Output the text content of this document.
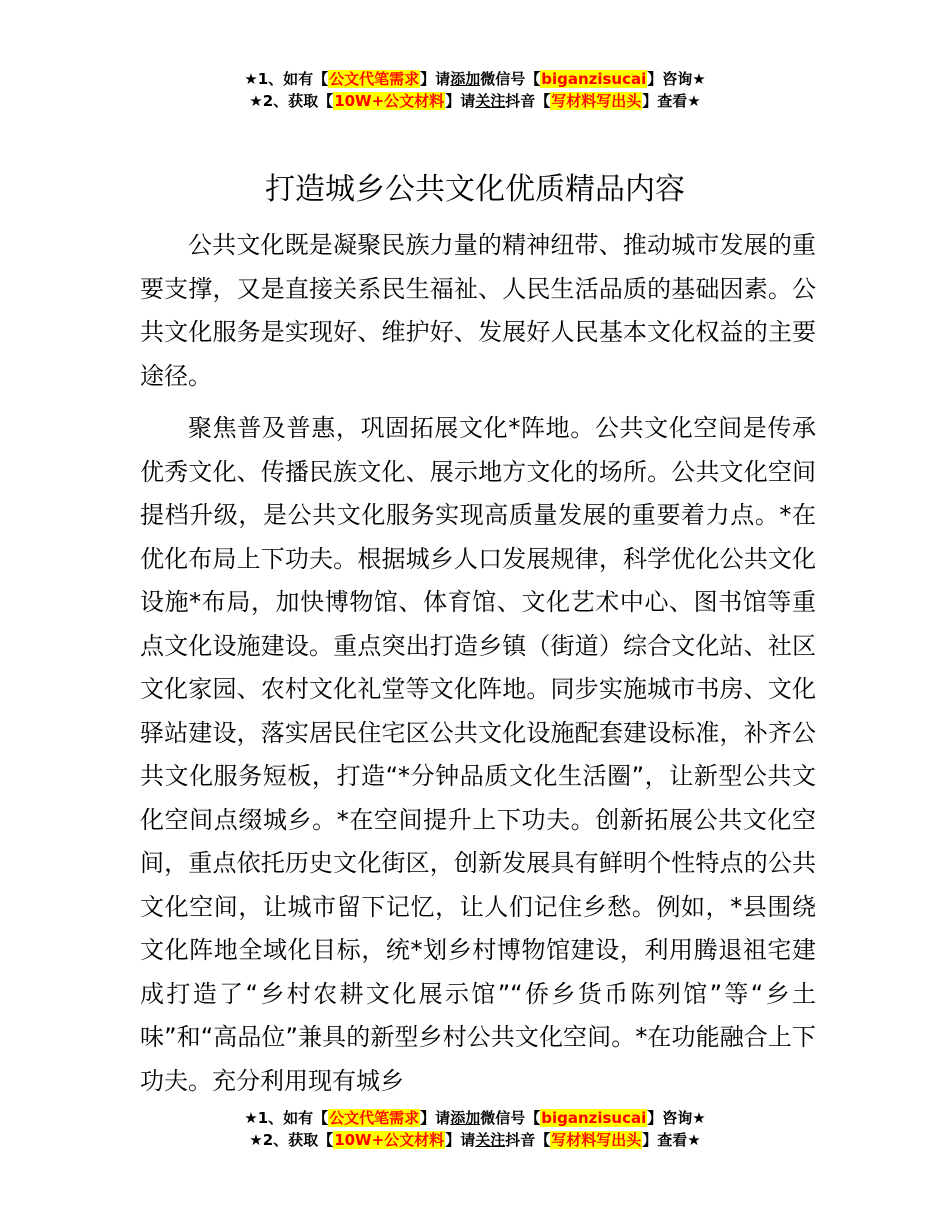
★1、如有【公文代笔需求】请添加微信号【biganzisucai】咨询★
★2、获取【10W+公文材料】请关注抖音【写材料写出头】查看★
打造城乡公共文化优质精品内容

公共文化既是凝聚民族力量的精神纽带、推动城市发展的重要支撑，又是直接关系民生福祉、人民生活品质的基础因素。公共文化服务是实现好、维护好、发展好人民基本文化权益的主要途径。

聚焦普及普惠，巩固拓展文化*阵地。公共文化空间是传承优秀文化、传播民族文化、展示地方文化的场所。公共文化空间提档升级，是公共文化服务实现高质量发展的重要着力点。*在优化布局上下功夫。根据城乡人口发展规律，科学优化公共文化设施*布局，加快博物馆、体育馆、文化艺术中心、图书馆等重点文化设施建设。重点突出打造乡镇（街道）综合文化站、社区文化家园、农村文化礼堂等文化阵地。同步实施城市书房、文化驿站建设，落实居民住宅区公共文化设施配套建设标准，补齐公共文化服务短板，打造“*分钟品质文化生活圈”，让新型公共文化空间点缀城乡。*在空间提升上下功夫。创新拓展公共文化空间，重点依托历史文化街区，创新发展具有鲜明个性特点的公共文化空间，让城市留下记忆，让人们记住乡愁。例如，*县围绕文化阵地全域化目标，统*划乡村博物馆建设，利用腾退祖宅建成打造了“乡村农耕文化展示馆”“侨乡货币陈列馆”等“乡土味”和“高品位”兼具的新型乡村公共文化空间。*在功能融合上下功夫。充分利用现有城乡

★1、如有【公文代笔需求】请添加微信号【biganzisucai】咨询★
★2、获取【10W+公文材料】请关注抖音【写材料写出头】查看★
